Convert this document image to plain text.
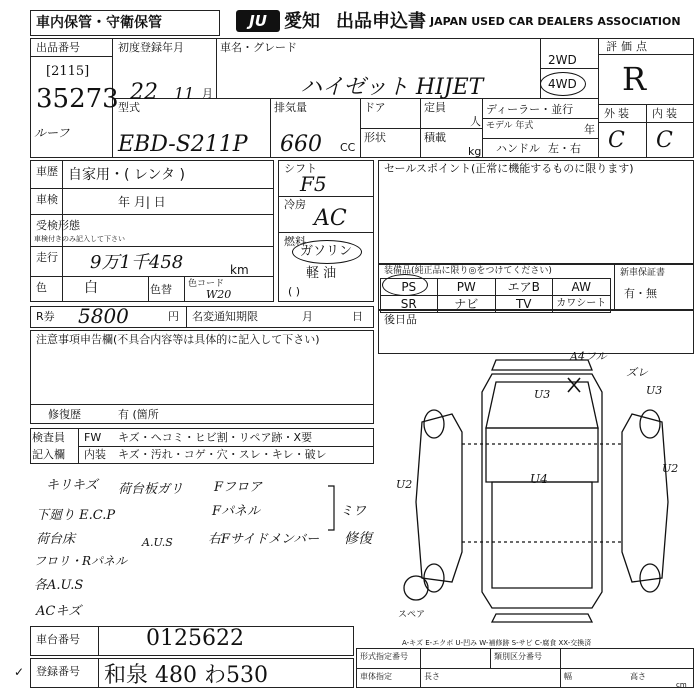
車内保管・守衛保管	JU 愛知 出品申込書 JAPAN USED CAR DEALERS ASSOCIATION
出品番号
[2115]
35273
ルーフ
初度登録年月
22 11 月
車名・グレード
ハイゼット HIJET
2WD
4WD
評価点
R
外装 内装
C C
型式
EBD-S211P
排気量
660 CC
ドア
形状
定員
人
積載
kg
ディーラー・並行
モデル 年式	年
ハンドル 左・右
車歴 自家用・( レンタ )
車検	年 月| 日
受検形態
車検付きのみ記入して下さい
走行 9万1千458	km
色	白	色替 色コード
W20
シフト
F5
冷房
AC
燃料
ガソリン
軽 油
( )
セールスポイント(正常に機能するものに限ります)
装備品(純正品に限り◎をつけてください)
PS	PW	エアB	AW
SR	ナビ	TV	カワシート
新車保証書
有・無
R券 5800	円 名変通知期限	月	日 後日品
注意事項申告欄(不具合内容等は具体的に記入して下さい)
修復歴	有 (箇所
検査員
記入欄
FW キズ・ヘコミ・ヒビ割・リペア跡・X要
内装 キズ・汚れ・コゲ・穴・スレ・キレ・破レ
キリキズ 荷台板ガリ Fフロア
下廻り E.C.P	Fパネル	ミワ
荷台床	A.U.S	右Fサイドメンバー 修復
フロリ・Rパネル
各A.U.S
ACキズ
A4フル
ズレ
U3	U3
U2	U4
U2
スペア
A-キズ E-エクボ U-凹み W-補修跡 S-サビ C-腐食 XX-交換済
車台番号	0125622
登録番号 和泉 480 わ530
✓
形式指定番号	類別区分番号
車体指定	長さ	幅	高さ
cm
